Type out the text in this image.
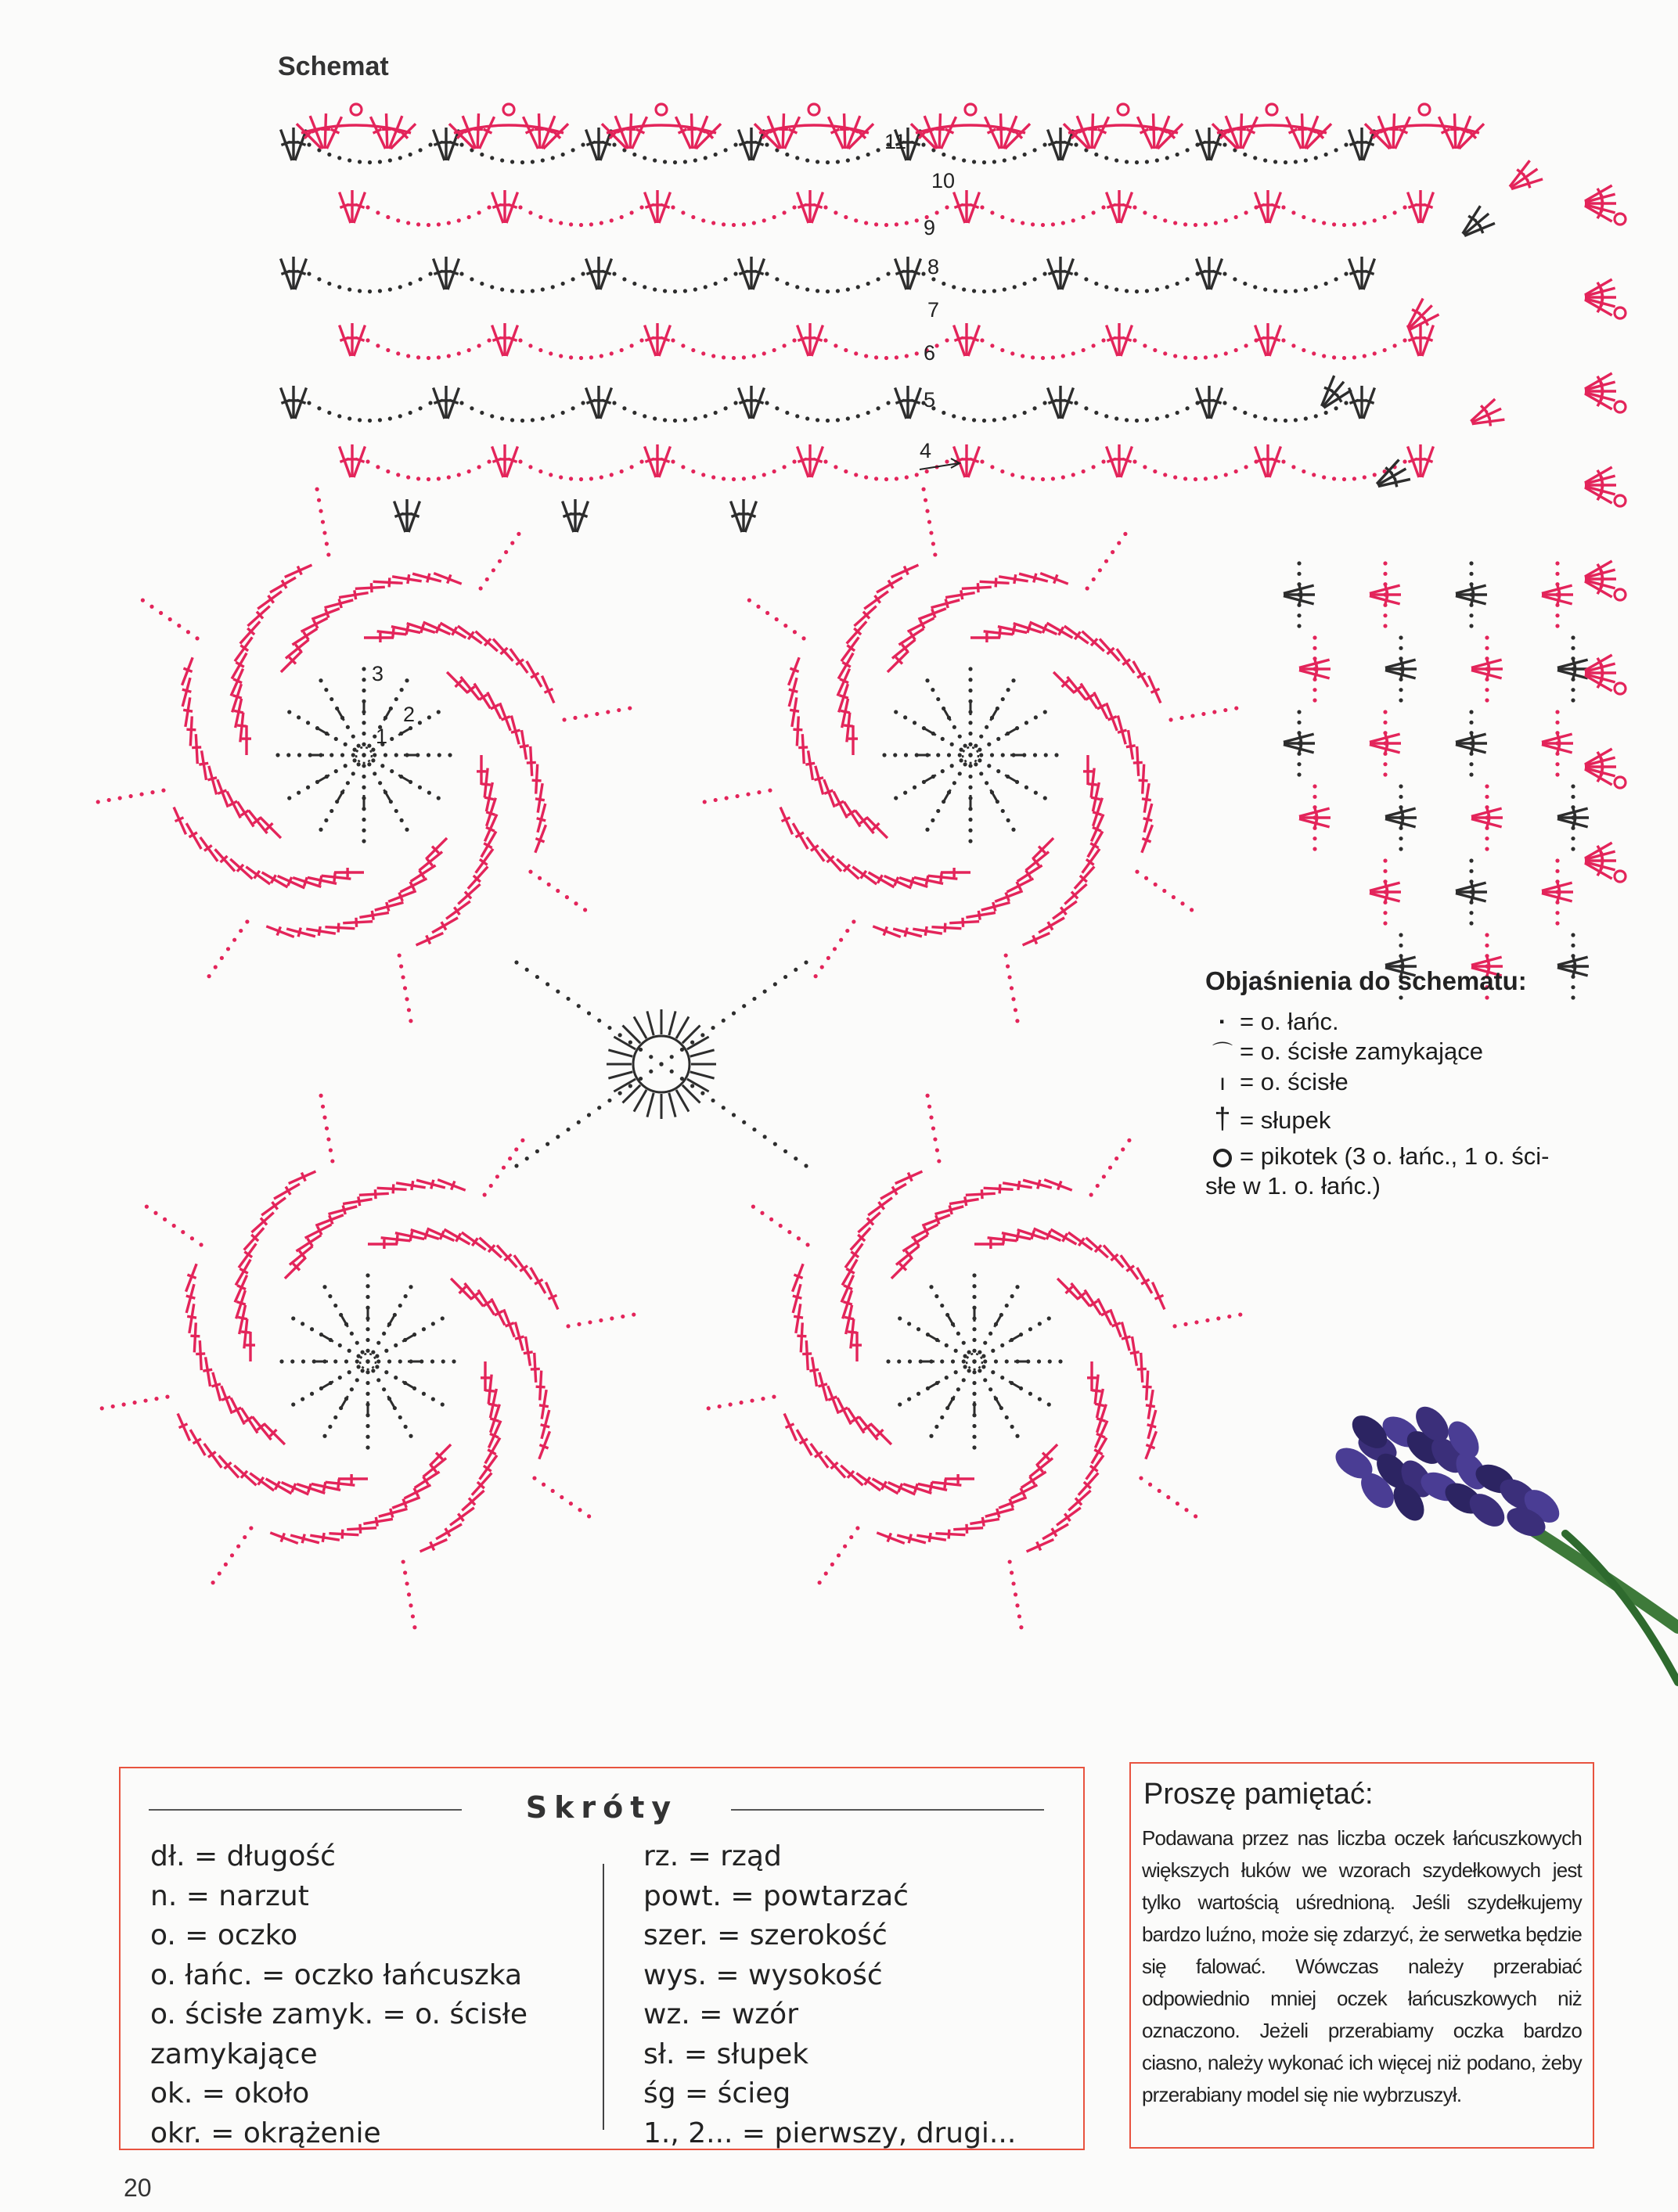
1
2
3
4
5
6
7
8
9
10
11
Schemat
Objaśnienia do schematu:
· = o. łańc.
⌒ = o. ścisłe zamykające
ı = o. ścisłe
† = słupek
= pikotek (3 o. łańc., 1 o. ści-
słe w 1. o. łańc.)
Skróty
dł. = długość
n. = narzut
o. = oczko
o. łańc. = oczko łańcuszka
o. ścisłe zamyk. = o. ścisłe
zamykające
ok. = około
okr. = okrążenie
rz. = rząd
powt. = powtarzać
szer. = szerokość
wys. = wysokość
wz. = wzór
sł. = słupek
śg = ścieg
1., 2... = pierwszy, drugi...
Proszę pamiętać:
Podawana przez nas liczba oczek łańcuszkowych większych łuków we wzorach szydełkowych jest tylko wartością uśrednioną. Jeśli szydełkujemy bardzo luźno, może się zdarzyć, że serwetka będzie się falować. Wówczas należy przerabiać odpowiednio mniej oczek łańcuszkowych niż oznaczono. Jeżeli przerabiamy oczka bardzo ciasno, należy wykonać ich więcej niż podano, żeby przerabiany model się nie wybrzuszył.
20
